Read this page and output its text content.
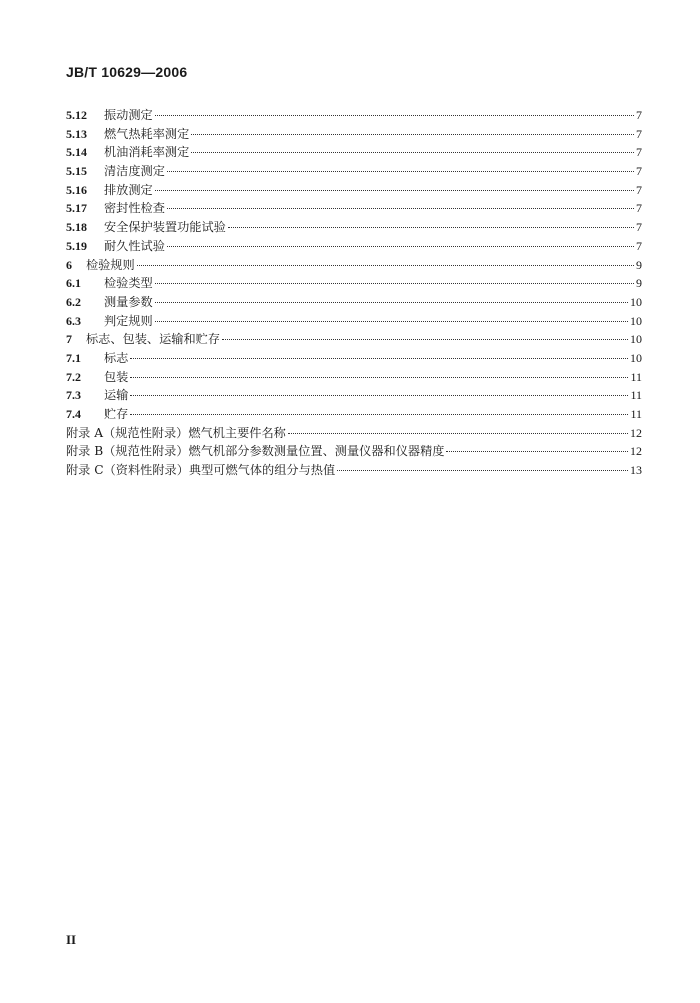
JB/T 10629—2006
5.12	振动测定	7
5.13	燃气热耗率测定	7
5.14	机油消耗率测定	7
5.15	清洁度测定	7
5.16	排放测定	7
5.17	密封性检查	7
5.18	安全保护装置功能试验	7
5.19	耐久性试验	7
6	检验规则	9
6.1	检验类型	9
6.2	测量参数	10
6.3	判定规则	10
7	标志、包装、运输和贮存	10
7.1	标志	10
7.2	包装	11
7.3	运输	11
7.4	贮存	11
附录 A（规范性附录）燃气机主要件名称	12
附录 B（规范性附录）燃气机部分参数测量位置、测量仪器和仪器精度	12
附录 C（资料性附录）典型可燃气体的组分与热值	13
II
